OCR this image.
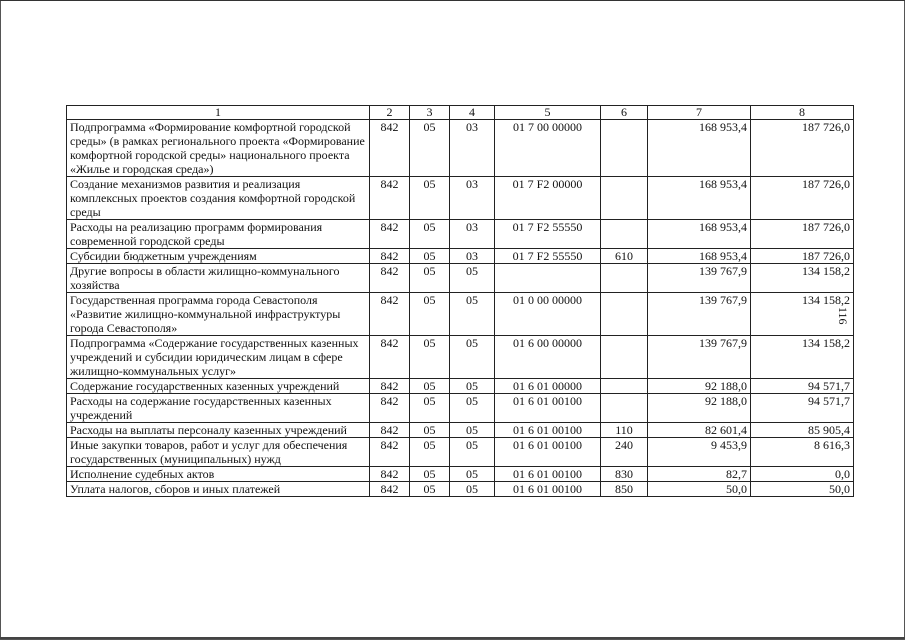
1	2	3	4	5	6	7	8
Подпрограмма «Формирование комфортной городской среды» (в рамках регионального проекта «Формирование комфортной городской среды» национального проекта «Жилье и городская среда»)	842	05	03	01 7 00 00000		168 953,4	187 726,0
Создание механизмов развития и реализация комплексных проектов создания комфортной городской среды	842	05	03	01 7 F2 00000		168 953,4	187 726,0
Расходы на реализацию программ формирования современной городской среды	842	05	03	01 7 F2 55550		168 953,4	187 726,0
Субсидии бюджетным учреждениям	842	05	03	01 7 F2 55550	610	168 953,4	187 726,0
Другие вопросы в области жилищно-коммунального хозяйства	842	05	05			139 767,9	134 158,2
Государственная программа города Севастополя «Развитие жилищно-коммунальной инфраструктуры города Севастополя»	842	05	05	01 0 00 00000		139 767,9	134 158,2
Подпрограмма «Содержание государственных казенных учреждений и субсидии юридическим лицам в сфере жилищно-коммунальных услуг»	842	05	05	01 6 00 00000		139 767,9	134 158,2
Содержание государственных казенных учреждений	842	05	05	01 6 01 00000		92 188,0	94 571,7
Расходы на содержание государственных казенных учреждений	842	05	05	01 6 01 00100		92 188,0	94 571,7
Расходы на выплаты персоналу казенных учреждений	842	05	05	01 6 01 00100	110	82 601,4	85 905,4
Иные закупки товаров, работ и услуг для обеспечения государственных (муниципальных) нужд	842	05	05	01 6 01 00100	240	9 453,9	8 616,3
Исполнение судебных актов	842	05	05	01 6 01 00100	830	82,7	0,0
Уплата налогов, сборов и иных платежей	842	05	05	01 6 01 00100	850	50,0	50,0
116
